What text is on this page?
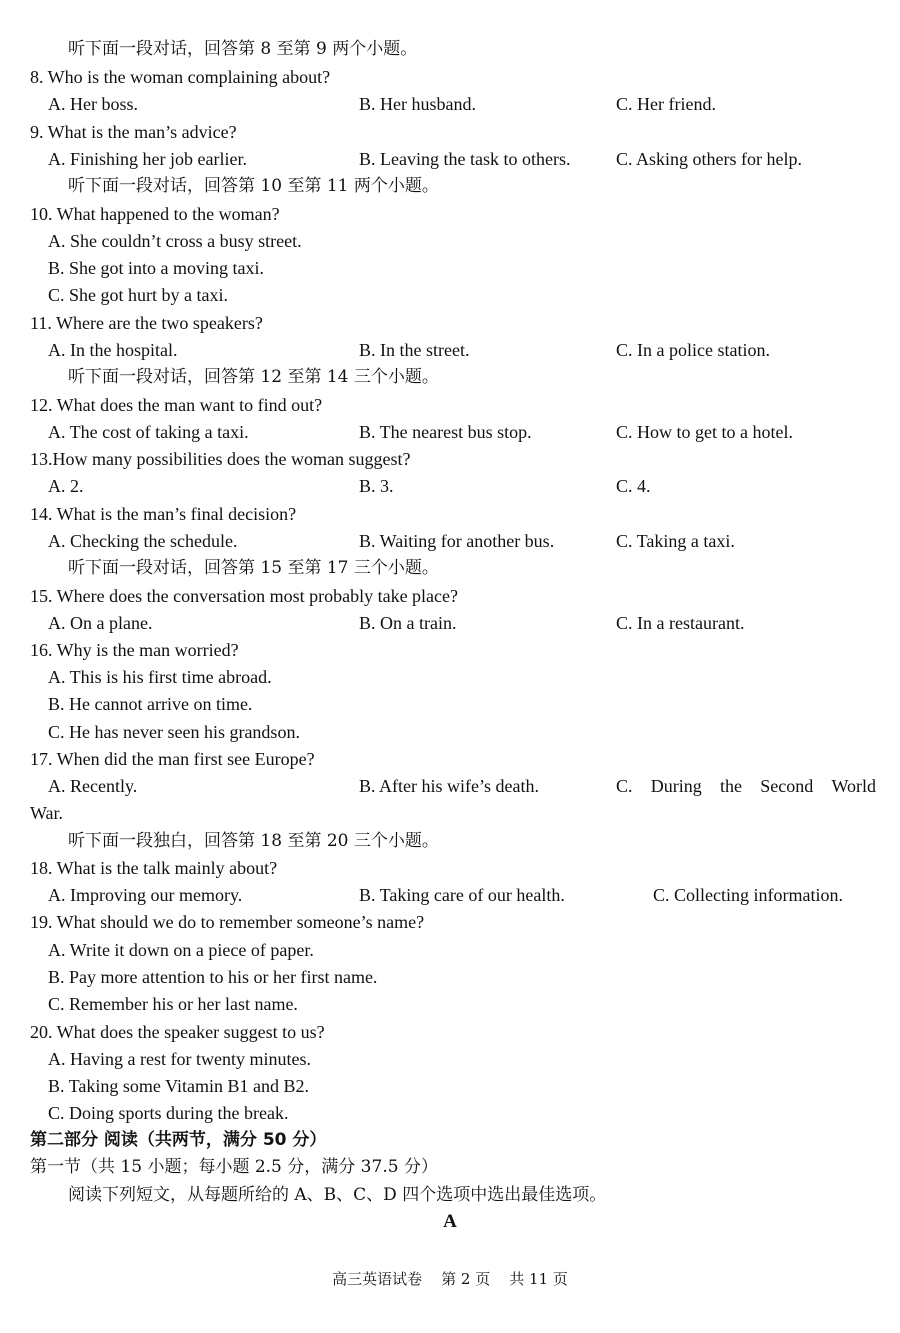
听下面一段对话，回答第 8 至第 9 两个小题。
8. Who is the woman complaining about?
A. Her boss.	B. Her husband.	C. Her friend.
9. What is the man’s advice?
A. Finishing her job earlier.	B. Leaving the task to others.	C. Asking others for help.
听下面一段对话，回答第 10 至第 11 两个小题。
10. What happened to the woman?
A. She couldn’t cross a busy street.
B. She got into a moving taxi.
C. She got hurt by a taxi.
11. Where are the two speakers?
A. In the hospital.	B. In the street.	C. In a police station.
听下面一段对话，回答第 12 至第 14 三个小题。
12. What does the man want to find out?
A. The cost of taking a taxi.	B. The nearest bus stop.	C. How to get to a hotel.
13.How many possibilities does the woman suggest?
A. 2.	B. 3.	C. 4.
14. What is the man’s final decision?
A. Checking the schedule.	B. Waiting for another bus.	C. Taking a taxi.
听下面一段对话，回答第 15 至第 17 三个小题。
15. Where does the conversation most probably take place?
A. On a plane.	B. On a train.	C. In a restaurant.
16. Why is the man worried?
A. This is his first time abroad.
B. He cannot arrive on time.
C. He has never seen his grandson.
17. When did the man first see Europe?
A. Recently.	B. After his wife’s death.	C. During the Second World
War.
听下面一段独白，回答第 18 至第 20 三个小题。
18. What is the talk mainly about?
A. Improving our memory.	B. Taking care of our health.	C. Collecting information.
19. What should we do to remember someone’s name?
A. Write it down on a piece of paper.
B. Pay more attention to his or her first name.
C. Remember his or her last name.
20. What does the speaker suggest to us?
A. Having a rest for twenty minutes.
B. Taking some Vitamin B1 and B2.
C. Doing sports during the break.
第二部分 阅读（共两节，满分 50 分）
第一节（共 15 小题；每小题 2.5 分，满分 37.5 分）
阅读下列短文，从每题所给的 A、B、C、D 四个选项中选出最佳选项。
A
高三英语试卷    第 2 页    共 11 页
